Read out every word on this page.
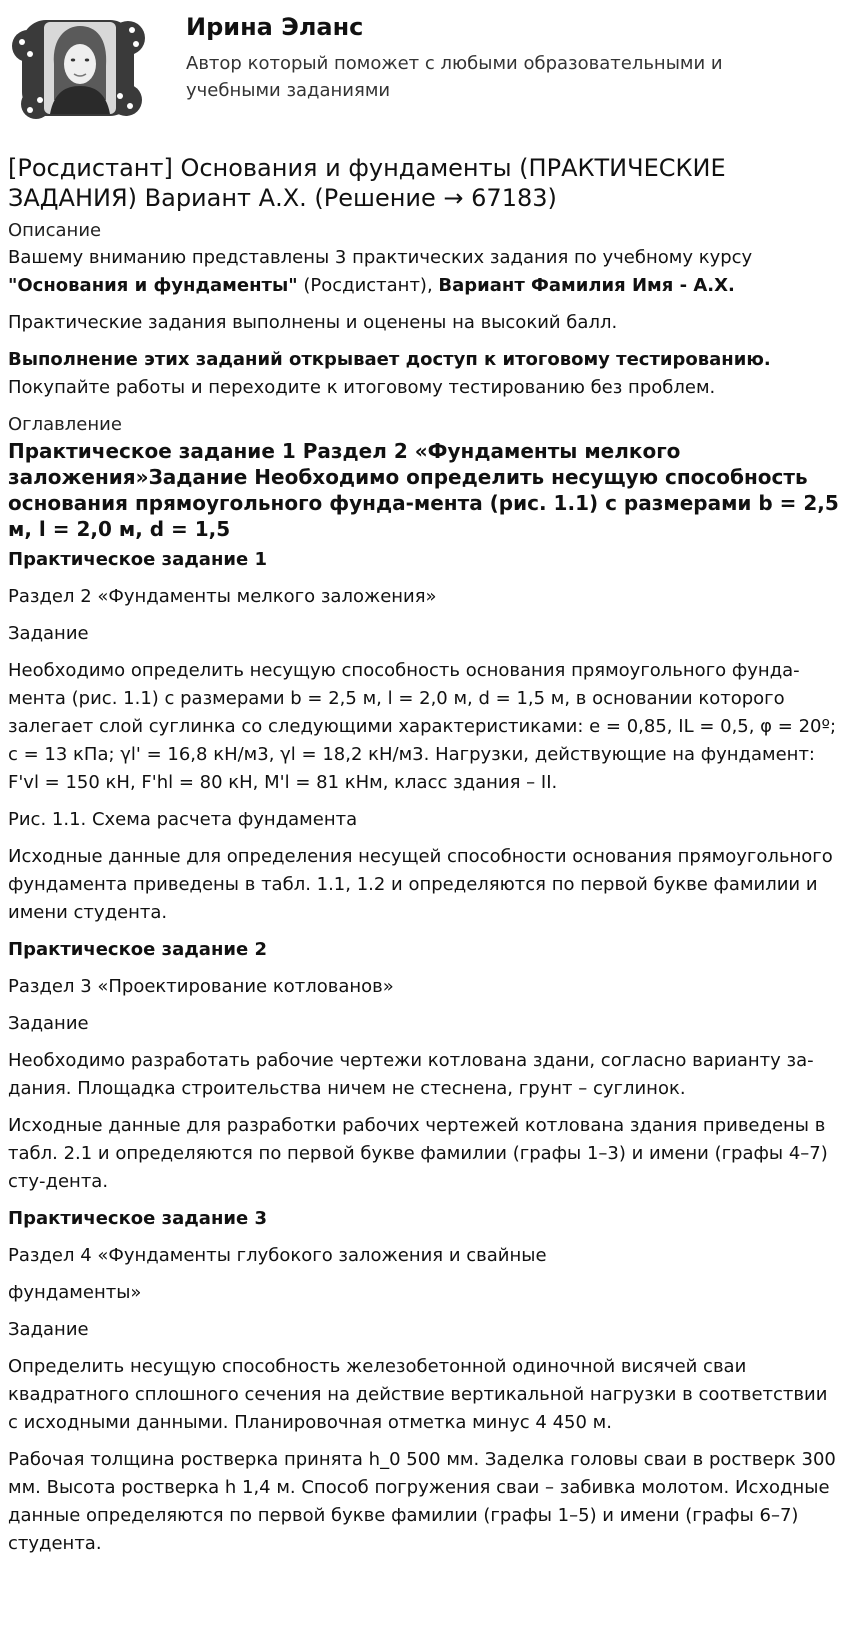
Ирина Эланс
Автор который поможет с любыми образовательными и учебными заданиями
[Росдистант] Основания и фундаменты (ПРАКТИЧЕСКИЕ ЗАДАНИЯ) Вариант А.Х. (Решение → 67183)
Описание
Вашему вниманию представлены 3 практических задания по учебному курсу
"Основания и фундаменты" (Росдистант), Вариант Фамилия Имя - А.Х.
Практические задания выполнены и оценены на высокий балл.
Выполнение этих заданий открывает доступ к итоговому тестированию.
Покупайте работы и переходите к итоговому тестированию без проблем.
Оглавление
Практическое задание 1 Раздел 2 «Фундаменты мелкого заложения»Задание Необходимо определить несущую способность основания прямоугольного фунда-мента (рис. 1.1) с размерами b = 2,5 м, l = 2,0 м, d = 1,5
Практическое задание 1
Раздел 2 «Фундаменты мелкого заложения»
Задание
Необходимо определить несущую способность основания прямоугольного фунда-мента (рис. 1.1) с размерами b = 2,5 м, l = 2,0 м, d = 1,5 м, в основании которого залегает слой суглинка со следующими характеристиками: e = 0,85, IL = 0,5, φ = 20º; c = 13 кПа; γl' = 16,8 кН/м3, γl = 18,2 кН/м3. Нагрузки, действующие на фундамент: F'vl = 150 кН, F'hl = 80 кН, M'l = 81 кНм, класс здания – II.
Рис. 1.1. Схема расчета фундамента
Исходные данные для определения несущей способности основания прямоугольного фундамента приведены в табл. 1.1, 1.2 и определяются по первой букве фамилии и имени студента.
Практическое задание 2
Раздел 3 «Проектирование котлованов»
Задание
Необходимо разработать рабочие чертежи котлована здани, согласно варианту за-дания. Площадка строительства ничем не стеснена, грунт – суглинок.
Исходные данные для разработки рабочих чертежей котлована здания приведены в табл. 2.1 и определяются по первой букве фамилии (графы 1–3) и имени (графы 4–7) сту-дента.
Практическое задание 3
Раздел 4 «Фундаменты глубокого заложения и свайные
фундаменты»
Задание
Определить несущую способность железобетонной одиночной висячей сваи квадратного сплошного сечения на действие вертикальной нагрузки в соответствии с исходными данными. Планировочная отметка минус 4 450 м.
Рабочая толщина ростверка принята h_0 500 мм. Заделка головы сваи в ростверк 300 мм. Высота ростверка h 1,4 м. Способ погружения сваи – забивка молотом. Исходные данные определяются по первой букве фамилии (графы 1–5) и имени (графы 6–7) студента.
